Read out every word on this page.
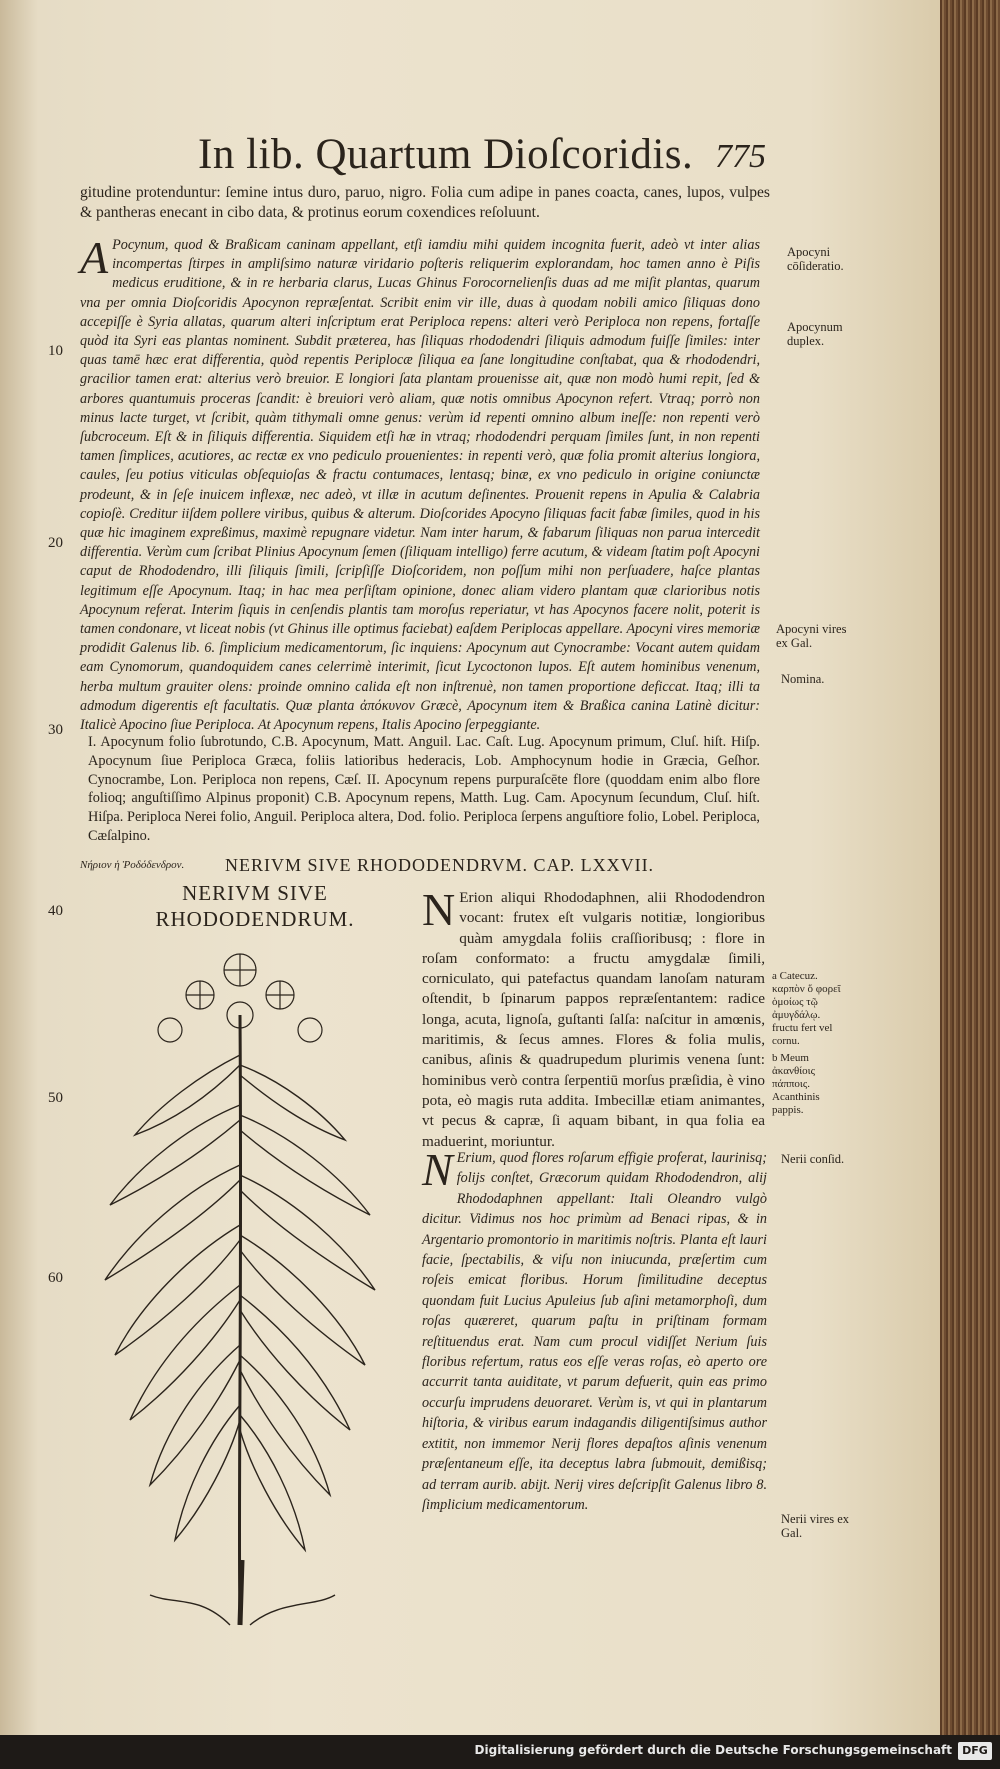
In lib. Quartum Dioſcoridis. 775
gitudine protenduntur: ſemine intus duro, paruo, nigro. Folia cum adipe in panes coacta, canes, lupos, vulpes & pantheras enecant in cibo data, & protinus eorum coxendices reſoluunt.
A Pocynum, quod & Braßicam caninam appellant, etſi iamdiu mihi quidem incognita fuerit, adeò vt inter alias incompertas ſtirpes in ampliſsimo naturæ viridario poſteris reliquerim explorandam, hoc tamen anno è Piſis medicus eruditione, & in re herbaria clarus, Lucas Ghinus Forocornelienſis duas ad me miſit plantas, quarum vna per omnia Dioſcoridis Apocynon repræſentat. Scribit enim vir ille, duas à quodam nobili amico ſiliquas dono accepiſſe è Syria allatas, quarum alteri inſcriptum erat Periploca repens: alteri verò Periploca non repens, fortaſſe quòd ita Syri eas plantas nominent. Subdit præterea, has ſiliquas rhododendri ſiliquis admodum fuiſſe ſimiles: inter quas tamē hæc erat differentia, quòd repentis Periplocæ ſiliqua ea ſane longitudine conſtabat, qua & rhododendri, gracilior tamen erat: alterius verò breuior. E longiori ſata plantam prouenisse ait, quæ non modò humi repit, ſed & arbores quantumuis proceras ſcandit: è breuiori verò aliam, quæ notis omnibus Apocynon refert. Vtraq; porrò non minus lacte turget, vt ſcribit, quàm tithymali omne genus: verùm id repenti omnino album ineſſe: non repenti verò ſubcroceum. Eſt & in ſiliquis differentia. Siquidem etſi hæ in vtraq; rhododendri perquam ſimiles ſunt, in non repenti tamen ſimplices, acutiores, ac rectæ ex vno pediculo prouenientes: in repenti verò, quæ folia promit alterius longiora, caules, ſeu potius viticulas obſequioſas & fractu contumaces, lentasq; binæ, ex vno pediculo in origine coniunctæ prodeunt, & in ſeſe inuicem inflexæ, nec adeò, vt illæ in acutum deſinentes. Prouenit repens in Apulia & Calabria copioſè. Creditur iiſdem pollere viribus, quibus & alterum. Dioſcorides Apocyno ſiliquas facit fabæ ſimiles, quod in his quæ hic imaginem expreßimus, maximè repugnare videtur. Nam inter harum, & fabarum ſiliquas non parua intercedit differentia. Verùm cum ſcribat Plinius Apocynum ſemen (ſiliquam intelligo) ferre acutum, & videam ſtatim poſt Apocyni caput de Rhododendro, illi ſiliquis ſimili, ſcripſiſſe Dioſcoridem, non poſſum mihi non perſuadere, haſce plantas legitimum eſſe Apocynum. Itaq; in hac mea perſiſtam opinione, donec aliam videro plantam quæ clarioribus notis Apocynum referat. Interim ſiquis in cenſendis plantis tam moroſus reperiatur, vt has Apocynos facere nolit, poterit is tamen condonare, vt liceat nobis (vt Ghinus ille optimus faciebat) eaſdem Periplocas appellare. Apocyni vires memoriæ prodidit Galenus lib. 6. ſimplicium medicamentorum, ſic inquiens: Apocynum aut Cynocrambe: Vocant autem quidam eam Cynomorum, quandoquidem canes celerrimè interimit, ſicut Lycoctonon lupos. Eſt autem hominibus venenum, herba multum grauiter olens: proinde omnino calida eſt non inſtrenuè, non tamen proportione deficcat. Itaq; illi ta admodum digerentis eſt facultatis. Quæ planta ἀπόκυνον Græcè, Apocynum item & Braßica canina Latinè dicitur: Italicè Apocino ſiue Periploca. At Apocynum repens, Italis Apocino ſerpeggiante.
I. Apocynum folio ſubrotundo, C.B. Apocynum, Matt. Anguil. Lac. Caſt. Lug. Apocynum primum, Cluſ. hiſt. Hiſp. Apocynum ſiue Periploca Græca, foliis latioribus hederacis, Lob. Amphocynum hodie in Græcia, Geſhor. Cynocrambe, Lon. Periploca non repens, Cæſ. II. Apocynum repens purpuraſcēte flore (quoddam enim albo flore folioq; anguſtiſſimo Alpinus proponit) C.B. Apocynum repens, Matth. Lug. Cam. Apocynum ſecundum, Cluſ. hiſt. Hiſpa. Periploca Nerei folio, Anguil. Periploca altera, Dod. folio. Periploca ſerpens anguſtiore folio, Lobel. Periploca, Cæſalpino.
Νήριον ἡ Ῥοδόδενδρον. NERIVM SIVE RHODODENDRVM. CAP. LXXVII.
NERIVM SIVE RHODODENDRUM.	N Erion aliqui Rhododaphnen, alii Rhododendron vocant: frutex eſt vulgaris notitiæ, longioribus quàm amygdala foliis craſſioribusq; : flore in roſam conformato: a fructu amygdalæ ſimili, corniculato, qui patefactus quandam lanoſam naturam oſtendit, b ſpinarum pappos repræſentantem: radice longa, acuta, lignoſa, guſtanti ſalſa: naſcitur in amœnis, maritimis, & ſecus amnes. Flores & folia mulis, canibus, aſinis & quadrupedum plurimis venena ſunt: hominibus verò contra ſerpentiū morſus præſidia, è vino pota, eò magis ruta addita. Imbecillæ etiam animantes, vt pecus & capræ, ſi aquam bibant, in qua folia ea maduerint, moriuntur.
N Erium, quod flores roſarum effigie proferat, laurinisq; folijs conſtet, Græcorum quidam Rhododendron, alij Rhododaphnen appellant: Itali Oleandro vulgò dicitur. Vidimus nos hoc primùm ad Benaci ripas, & in Argentario promontorio in maritimis noſtris. Planta eſt lauri facie, ſpectabilis, & viſu non iniucunda, præſertim cum roſeis emicat floribus. Horum ſimilitudine deceptus quondam fuit Lucius Apuleius ſub aſini metamorphoſi, dum roſas quæreret, quarum paſtu in priſtinam formam reſtituendus erat. Nam cum procul vidiſſet Nerium ſuis floribus refertum, ratus eos eſſe veras roſas, eò aperto ore accurrit tanta auiditate, vt parum defuerit, quin eas primo occurſu imprudens deuoraret. Verùm is, vt qui in plantarum hiſtoria, & viribus earum indagandis diligentiſsimus author extitit, non immemor Nerij flores depaſtos aſinis venenum præſentaneum eſſe, ita deceptus labra ſubmouit, demißisq; ad terram aurib. abijt. Nerij vires deſcripſit Galenus libro 8. ſimplicium medicamentorum.
Apocyni cōſideratio.
Apocynum duplex.
Apocyni vires ex Gal.
Nomina.
a Catecuz. καρπὸν ὅ φορεῖ ὁμοίως τῷ ἀμυγδάλῳ. fructu fert vel cornu.
b Meum ἀκανθίοις πάπποις. Acanthinis pappis.
Nerii conſid.
Nerii vires ex Gal.
10
20
30
40
50
60
Digitalisierung gefördert durch die Deutsche Forschungsgemeinschaft DFG
